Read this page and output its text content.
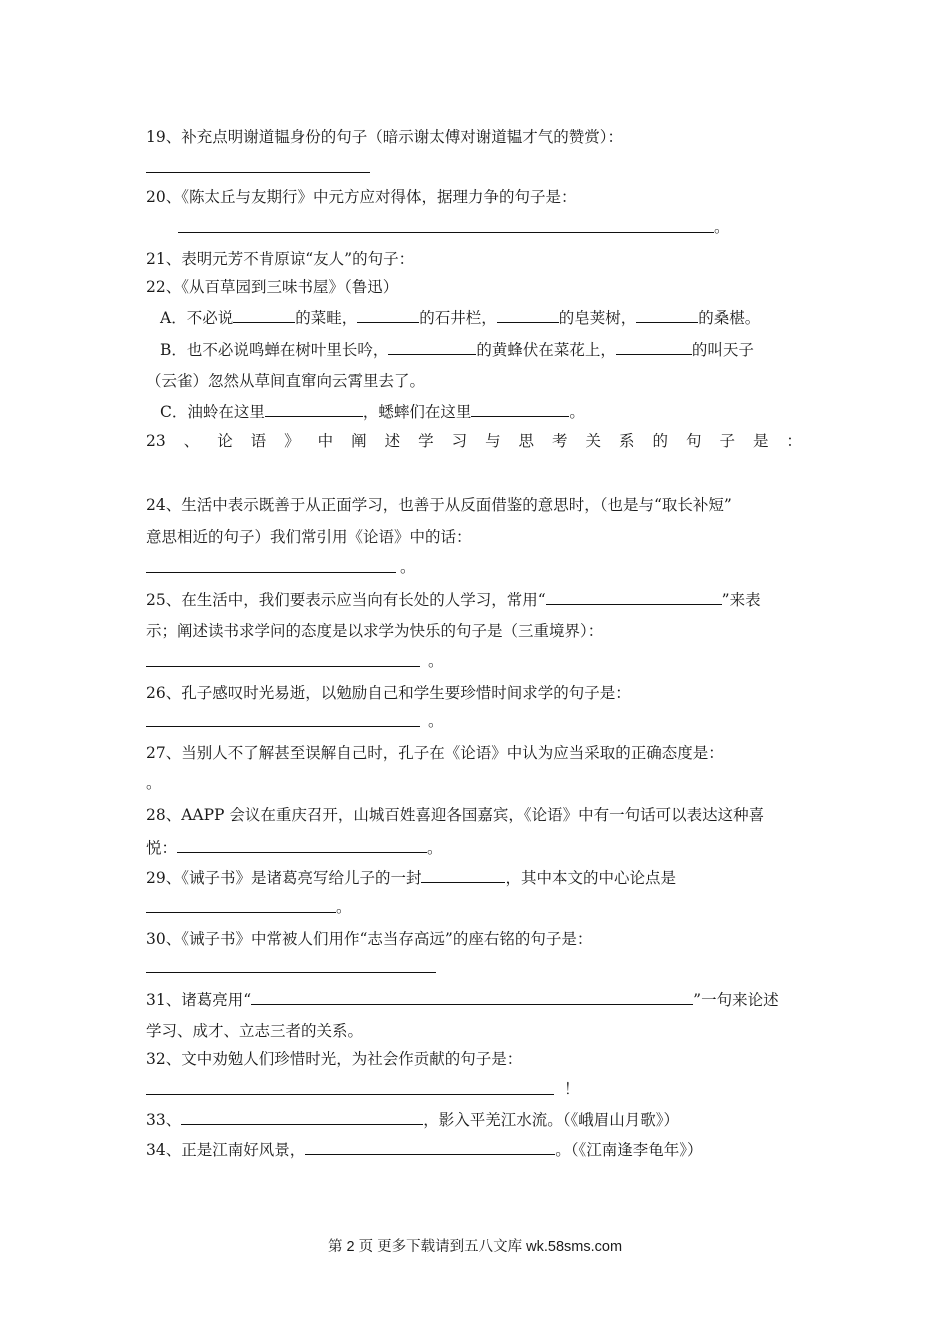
19、补充点明谢道韫身份的句子（暗示谢太傅对谢道韫才气的赞赏）：
20、《陈太丘与友期行》中元方应对得体，据理力争的句子是：
。
21、表明元芳不肯原谅“友人”的句子：
22、《从百草园到三味书屋》（鲁迅）
A．不必说	的菜畦，	的石井栏，	的皂荚树，	的桑椹。
B．也不必说鸣蝉在树叶里长吟，	的黄蜂伏在菜花上，	的叫天子
（云雀）忽然从草间直窜向云霄里去了。
C．油蛉在这里	，蟋蟀们在这里	。
23 、 论 语 》 中 阐 述 学 习 与 思 考 关 系 的 句 子 是 ：
24、生活中表示既善于从正面学习，也善于从反面借鉴的意思时，（也是与“取长补短”
意思相近的句子）我们常引用《论语》中的话：
。
25、在生活中，我们要表示应当向有长处的人学习，常用“	”来表
示；阐述读书求学问的态度是以求学为快乐的句子是（三重境界）：
。
26、孔子感叹时光易逝，以勉励自己和学生要珍惜时间求学的句子是：
。
27、当别人不了解甚至误解自己时，孔子在《论语》中认为应当采取的正确态度是：
。
28、AAPP 会议在重庆召开，山城百姓喜迎各国嘉宾，《论语》中有一句话可以表达这种喜
悦：	。
29、《诫子书》是诸葛亮写给儿子的一封	，其中本文的中心论点是
。
30、《诫子书》中常被人们用作“志当存高远”的座右铭的句子是：
31、诸葛亮用“	”一句来论述
学习、成才、立志三者的关系。
32、文中劝勉人们珍惜时光，为社会作贡献的句子是：
！
33、	，影入平羌江水流。（《峨眉山月歌》）
34、正是江南好风景，	。（《江南逢李龟年》）
第 2 页 更多下载请到五八文库 wk.58sms.com
